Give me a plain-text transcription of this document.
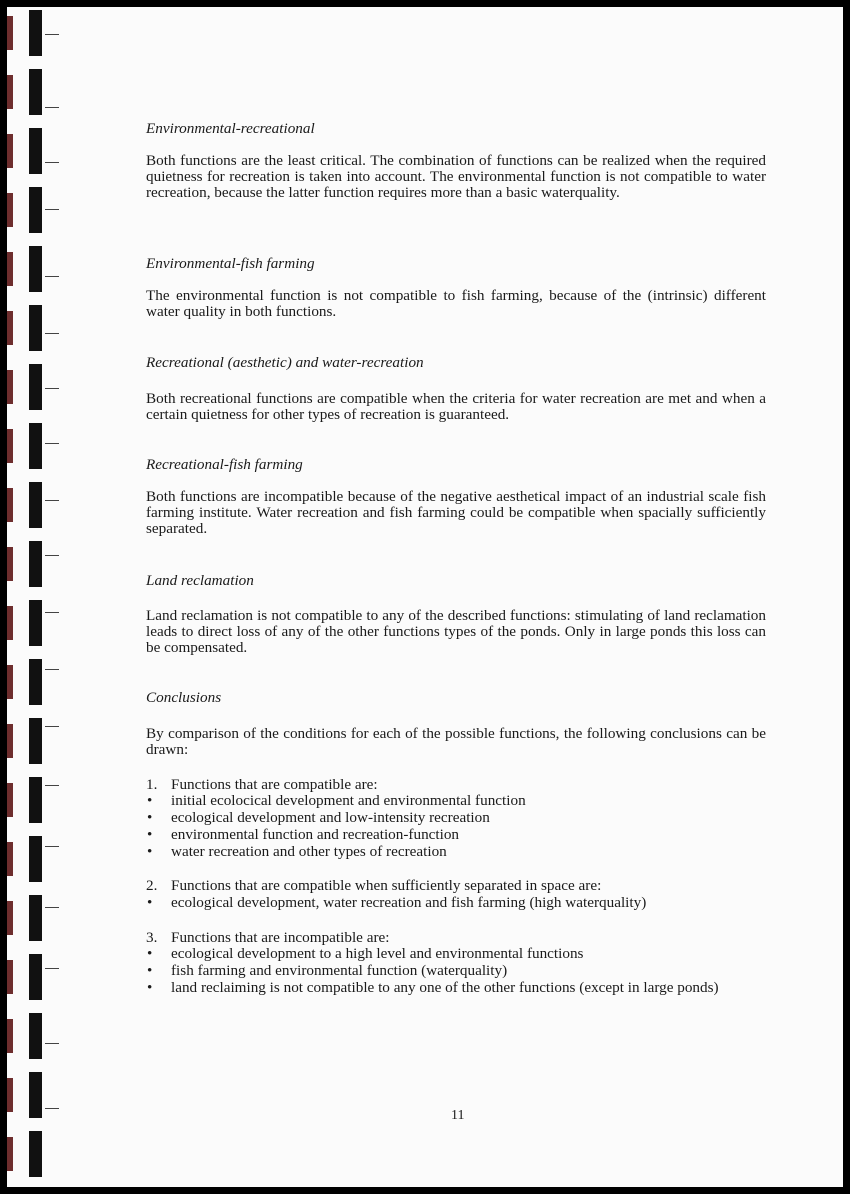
Environmental-recreational

Both functions are the least critical. The combination of functions can be realized when the required quietness for recreation is taken into account. The environmental function is not compatible to water recreation, because the latter function requires more than a basic waterquality.

Environmental-fish farming

The environmental function is not compatible to fish farming, because of the (intrinsic) different water quality in both functions.

Recreational (aesthetic) and water-recreation

Both recreational functions are compatible when the criteria for water recreation are met and when a certain quietness for other types of recreation is guaranteed.

Recreational-fish farming

Both functions are incompatible because of the negative aesthetical impact of an industrial scale fish farming institute. Water recreation and fish farming could be compatible when spacially sufficiently separated.

Land reclamation

Land reclamation is not compatible to any of the described functions: stimulating of land reclamation leads to direct loss of any of the other functions types of the ponds. Only in large ponds this loss can be compensated.

Conclusions

By comparison of the conditions for each of the possible functions, the following conclusions can be drawn:

1. Functions that are compatible are:
• initial ecolocical development and environmental function
• ecological development and low-intensity recreation
• environmental function and recreation-function
• water recreation and other types of recreation
2. Functions that are compatible when sufficiently separated in space are:
• ecological development, water recreation and fish farming (high waterquality)
3. Functions that are incompatible are:
• ecological development to a high level and environmental functions
• fish farming and environmental function (waterquality)
• land reclaiming is not compatible to any one of the other functions (except in large ponds)
11
